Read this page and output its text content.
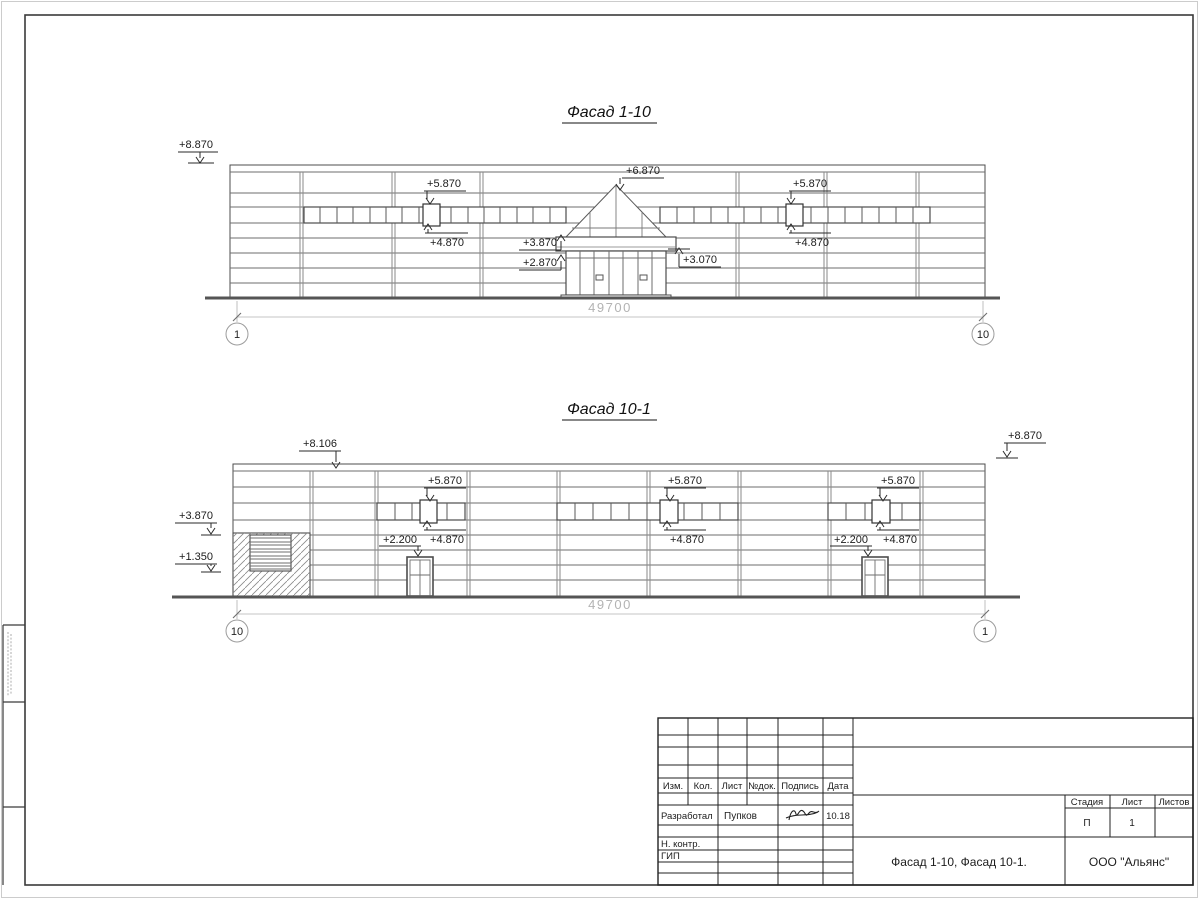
Фасад 1-10
49700
1	10
+8.870
+5.870
+4.870
+6.870
+3.870
+2.870	+3.070
+5.870
+4.870
Фасад 10-1
49700
10	1
+8.106
+8.870
+3.870
+1.350
+5.870
+4.870
+5.870
+4.870
+5.870
+4.870
+2.200	+2.200
Изм. Кол. Лист №док. Подпись Дата
Разработал Пупков	10.18
Н. контр.
ГИП
Стадия Лист Листов
П	1
Фасад 1-10, Фасад 10-1.	ООО "Альянс"
